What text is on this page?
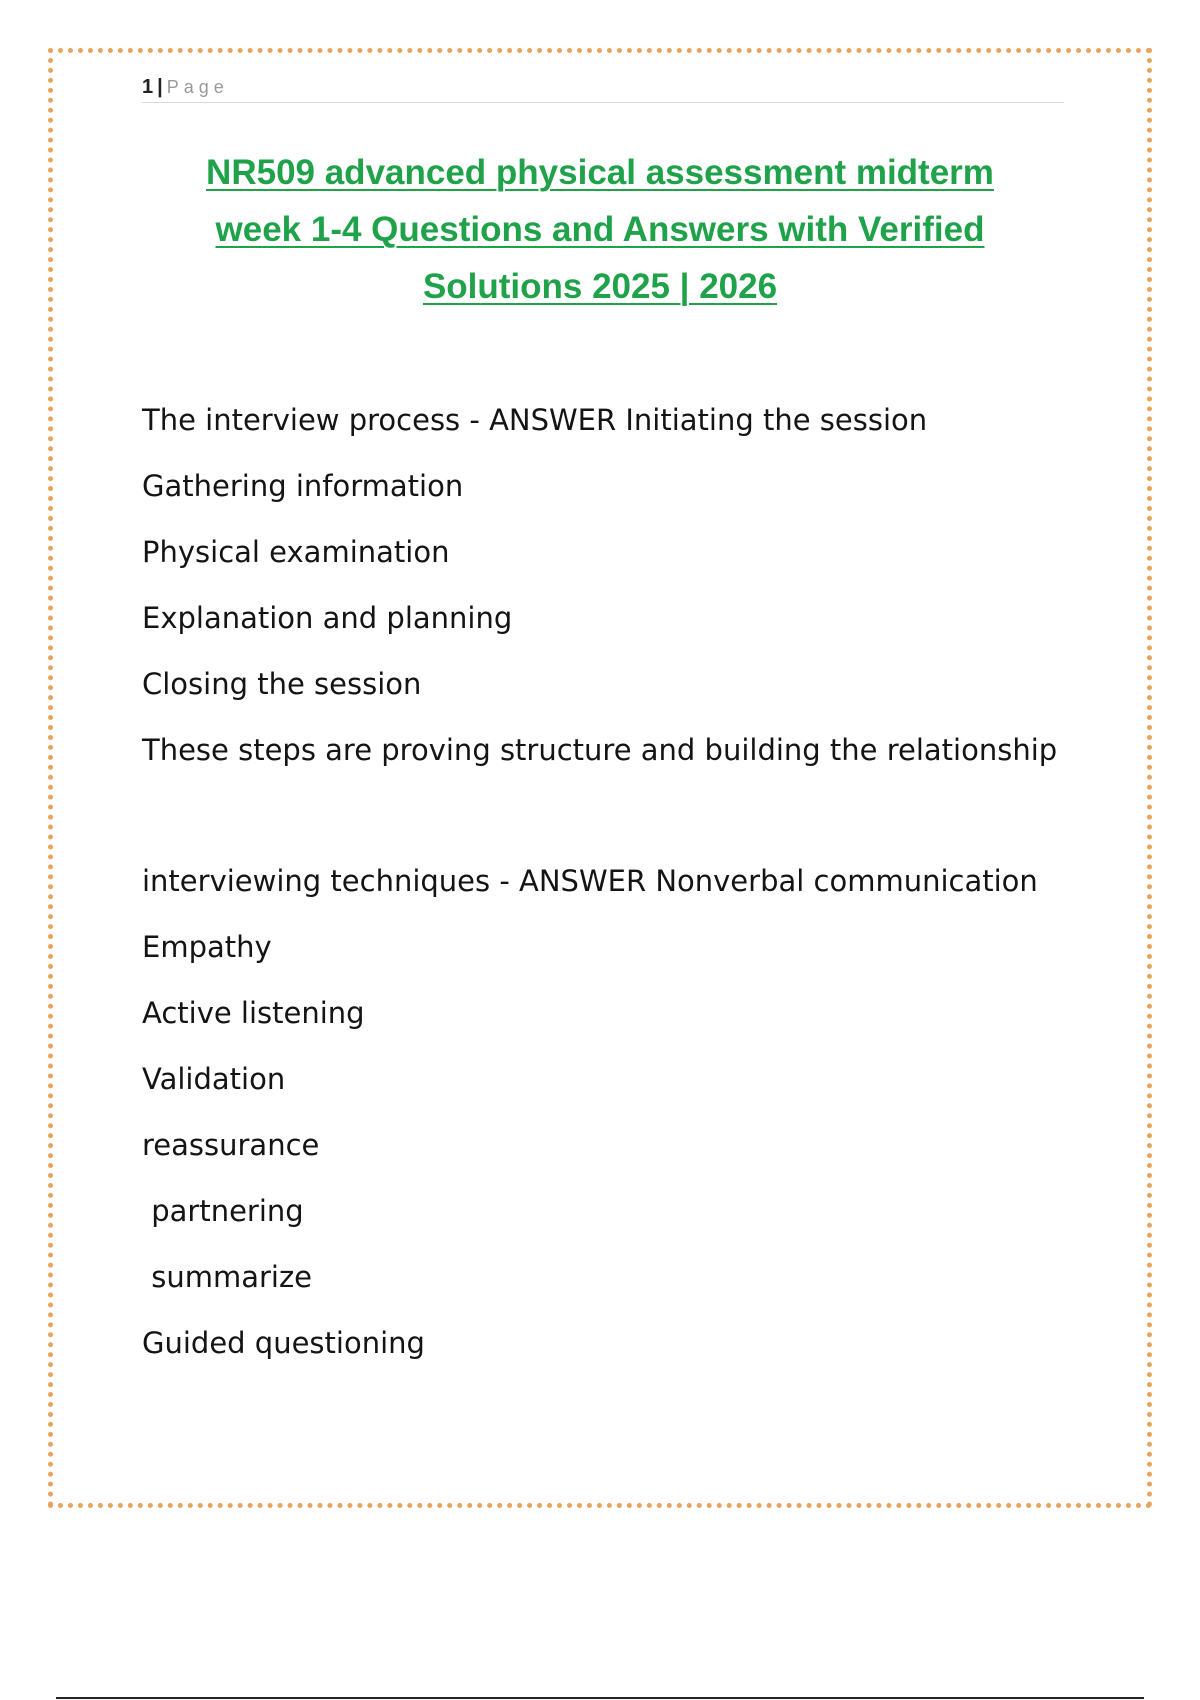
1 | Page
NR509 advanced physical assessment midterm
week 1-4 Questions and Answers with Verified
Solutions 2025 | 2026
The interview process - ANSWER Initiating the session
Gathering information
Physical examination
Explanation and planning
Closing the session
These steps are proving structure and building the relationship
interviewing techniques - ANSWER Nonverbal communication
Empathy
Active listening
Validation
reassurance
partnering
summarize
Guided questioning
